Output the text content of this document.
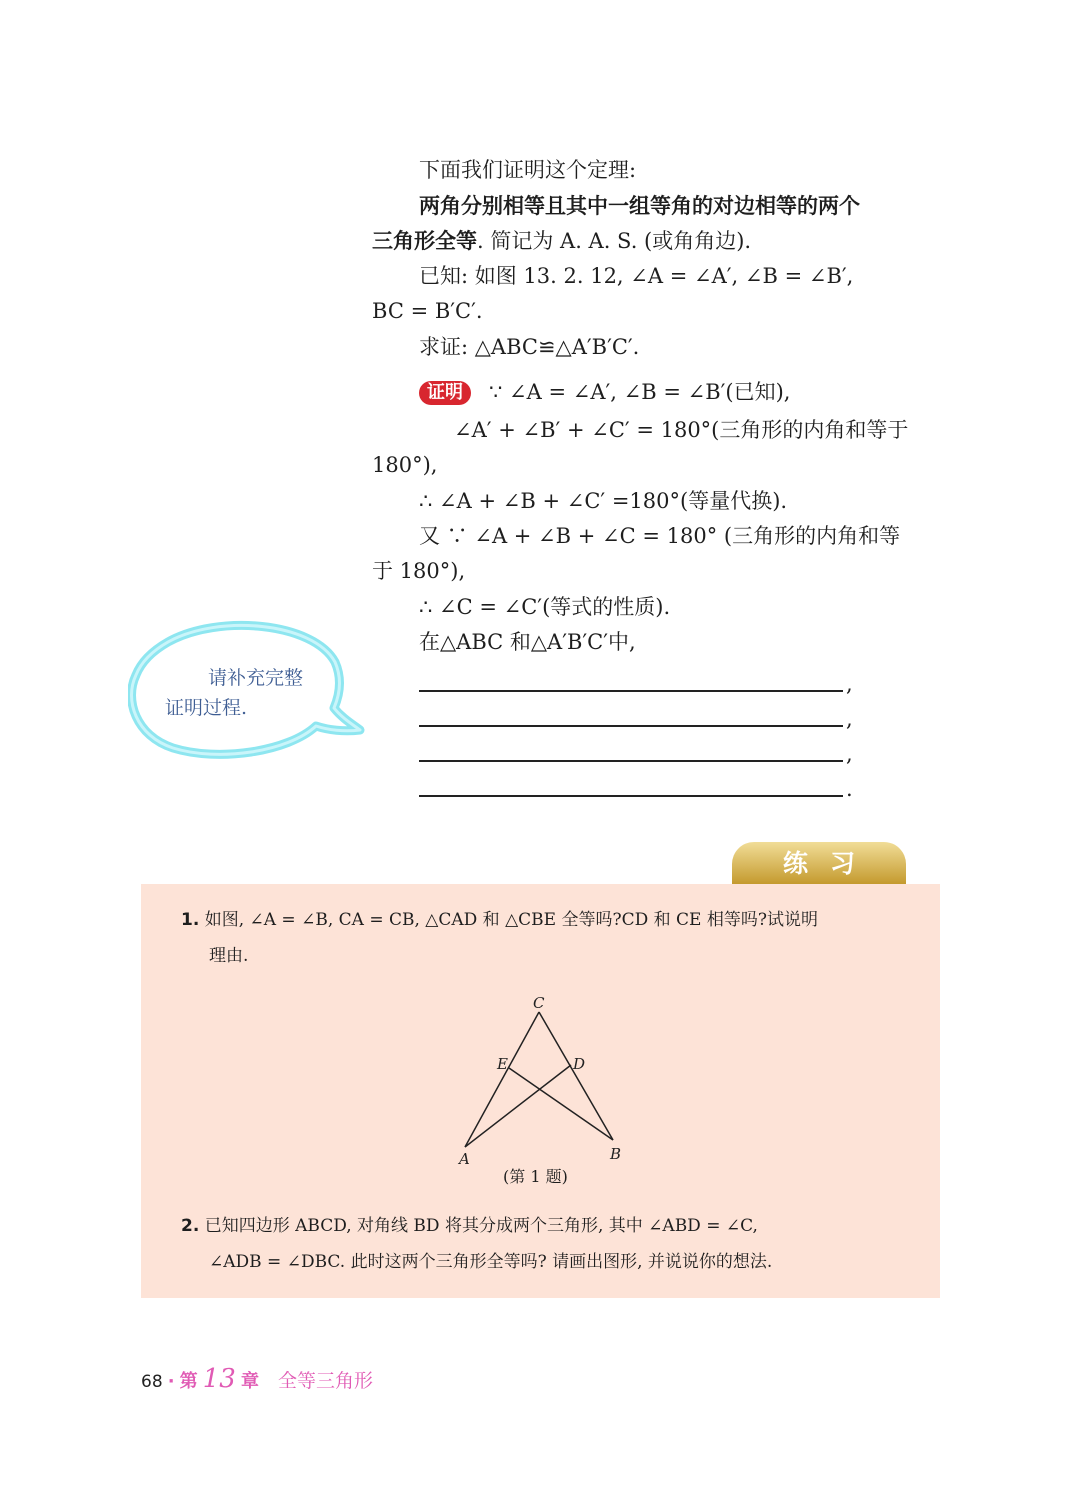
下面我们证明这个定理:
两角分别相等且其中一组等角的对边相等的两个
三角形全等. 简记为 A. A. S. (或角角边).
已知: 如图 13. 2. 12, ∠A = ∠A′, ∠B = ∠B′,
BC = B′C′.
求证: △ABC≌△A′B′C′.
证明 ∵ ∠A = ∠A′, ∠B = ∠B′(已知),
∠A′ + ∠B′ + ∠C′ = 180°(三角形的内角和等于
180°),
∴ ∠A + ∠B + ∠C′ =180°(等量代换).
又 ∵ ∠A + ∠B + ∠C = 180° (三角形的内角和等
于 180°),
∴ ∠C = ∠C′(等式的性质).
在△ABC 和△A′B′C′中,
,
,
,
.
请补充完整
证明过程.
练习
1. 如图, ∠A = ∠B, CA = CB, △CAD 和 △CBE 全等吗?CD 和 CE 相等吗?试说明
理由.
C
E	D
A	B
(第 1 题)
2. 已知四边形 ABCD, 对角线 BD 将其分成两个三角形, 其中 ∠ABD = ∠C,
∠ADB = ∠DBC. 此时这两个三角形全等吗? 请画出图形, 并说说你的想法.
68 · 第 13 章 全等三角形
